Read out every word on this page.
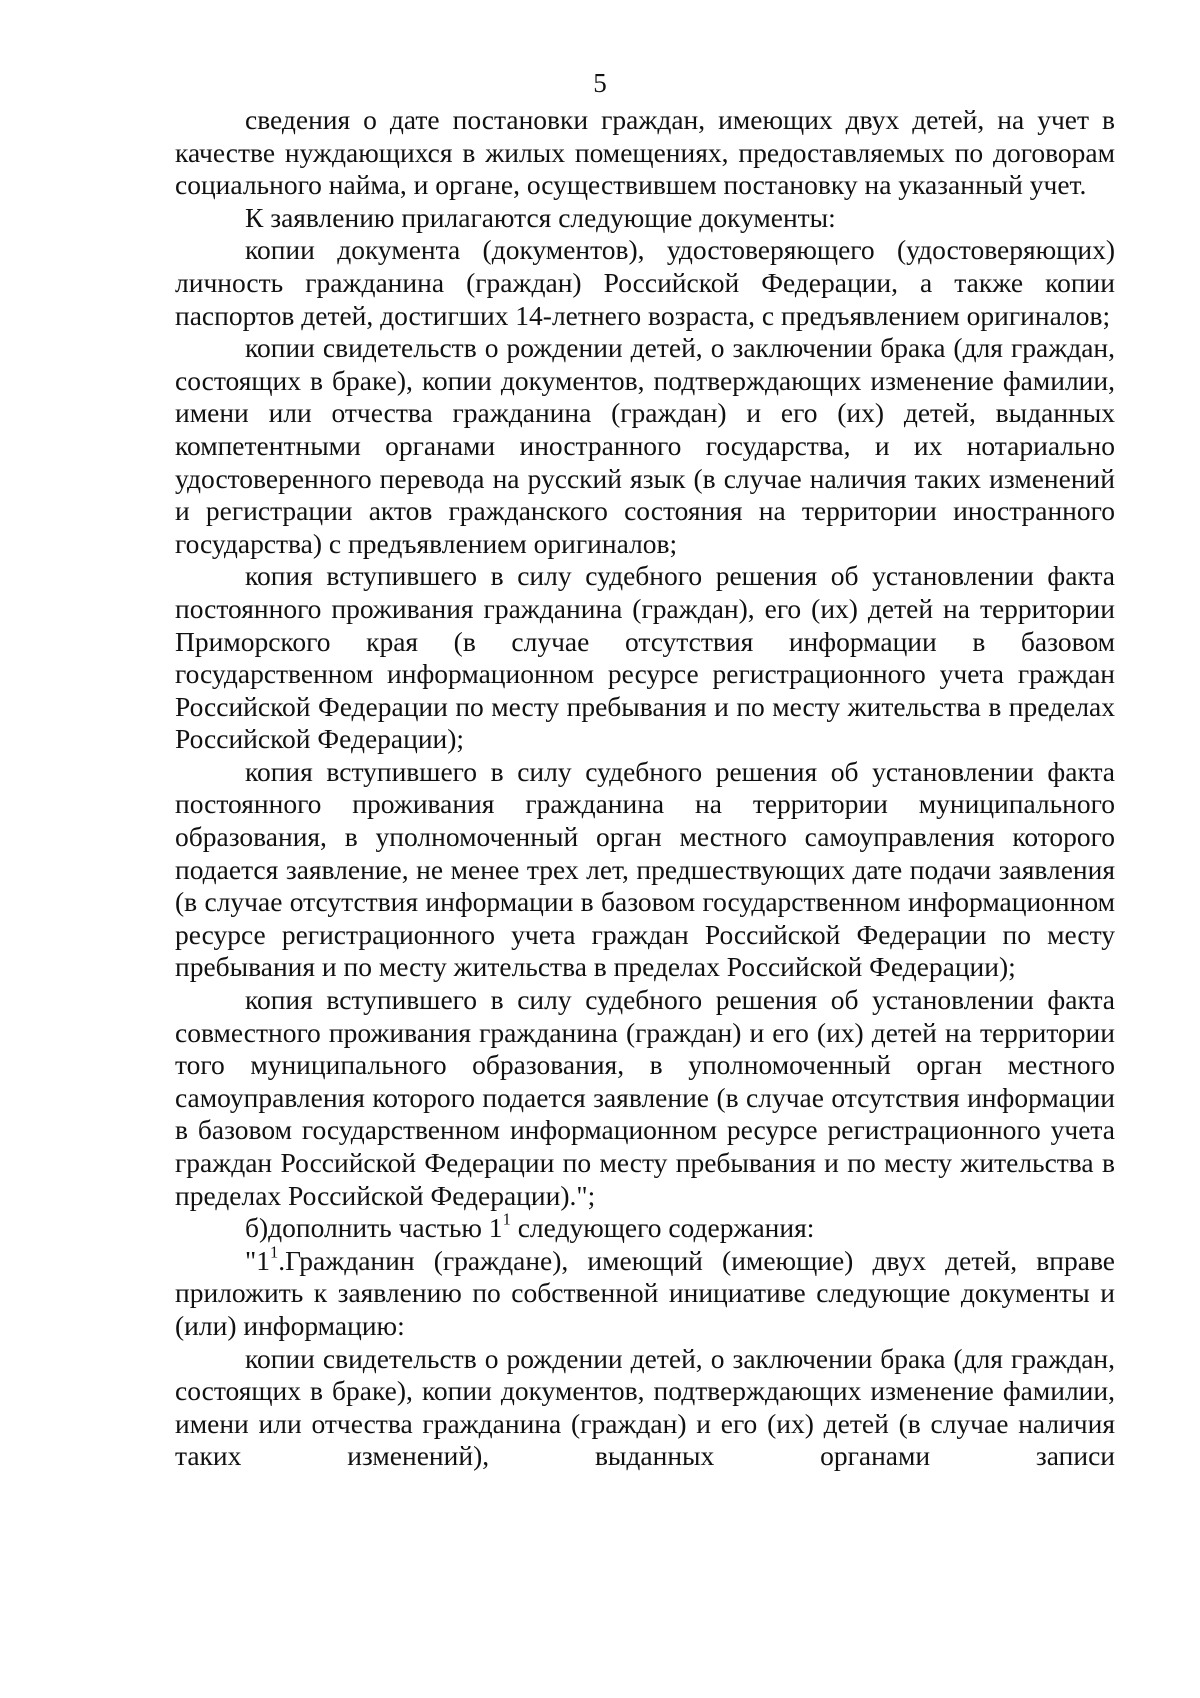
5

сведения о дате постановки граждан, имеющих двух детей, на учет в качестве нуждающихся в жилых помещениях, предоставляемых по договорам социального найма, и органе, осуществившем постановку на указанный учет.

К заявлению прилагаются следующие документы:

копии документа (документов), удостоверяющего (удостоверяющих) личность гражданина (граждан) Российской Федерации, а также копии паспортов детей, достигших 14-летнего возраста, с предъявлением оригиналов;

копии свидетельств о рождении детей, о заключении брака (для граждан, состоящих в браке), копии документов, подтверждающих изменение фамилии, имени или отчества гражданина (граждан) и его (их) детей, выданных компетентными органами иностранного государства, и их нотариально удостоверенного перевода на русский язык (в случае наличия таких изменений и регистрации актов гражданского состояния на территории иностранного государства) с предъявлением оригиналов;

копия вступившего в силу судебного решения об установлении факта постоянного проживания гражданина (граждан), его (их) детей на территории Приморского края (в случае отсутствия информации в базовом государственном информационном ресурсе регистрационного учета граждан Российской Федерации по месту пребывания и по месту жительства в пределах Российской Федерации);

копия вступившего в силу судебного решения об установлении факта постоянного проживания гражданина на территории муниципального образования, в уполномоченный орган местного самоуправления которого подается заявление, не менее трех лет, предшествующих дате подачи заявления (в случае отсутствия информации в базовом государственном информационном ресурсе регистрационного учета граждан Российской Федерации по месту пребывания и по месту жительства в пределах Российской Федерации);

копия вступившего в силу судебного решения об установлении факта совместного проживания гражданина (граждан) и его (их) детей на территории того муниципального образования, в уполномоченный орган местного самоуправления которого подается заявление (в случае отсутствия информации в базовом государственном информационном ресурсе регистрационного учета граждан Российской Федерации по месту пребывания и по месту жительства в пределах Российской Федерации).";

б)дополнить частью $1^1$ следующего содержания:

"$1^1.Гражданин$ (граждане), имеющий (имеющие) двух детей, вправе приложить к заявлению по собственной инициативе следующие документы и (или) информацию:

копии свидетельств о рождении детей, о заключении брака (для граждан, состоящих в браке), копии документов, подтверждающих изменение фамилии, имени или отчества гражданина (граждан) и его (их) детей (в случае наличия таких изменений), выданных органами записи
